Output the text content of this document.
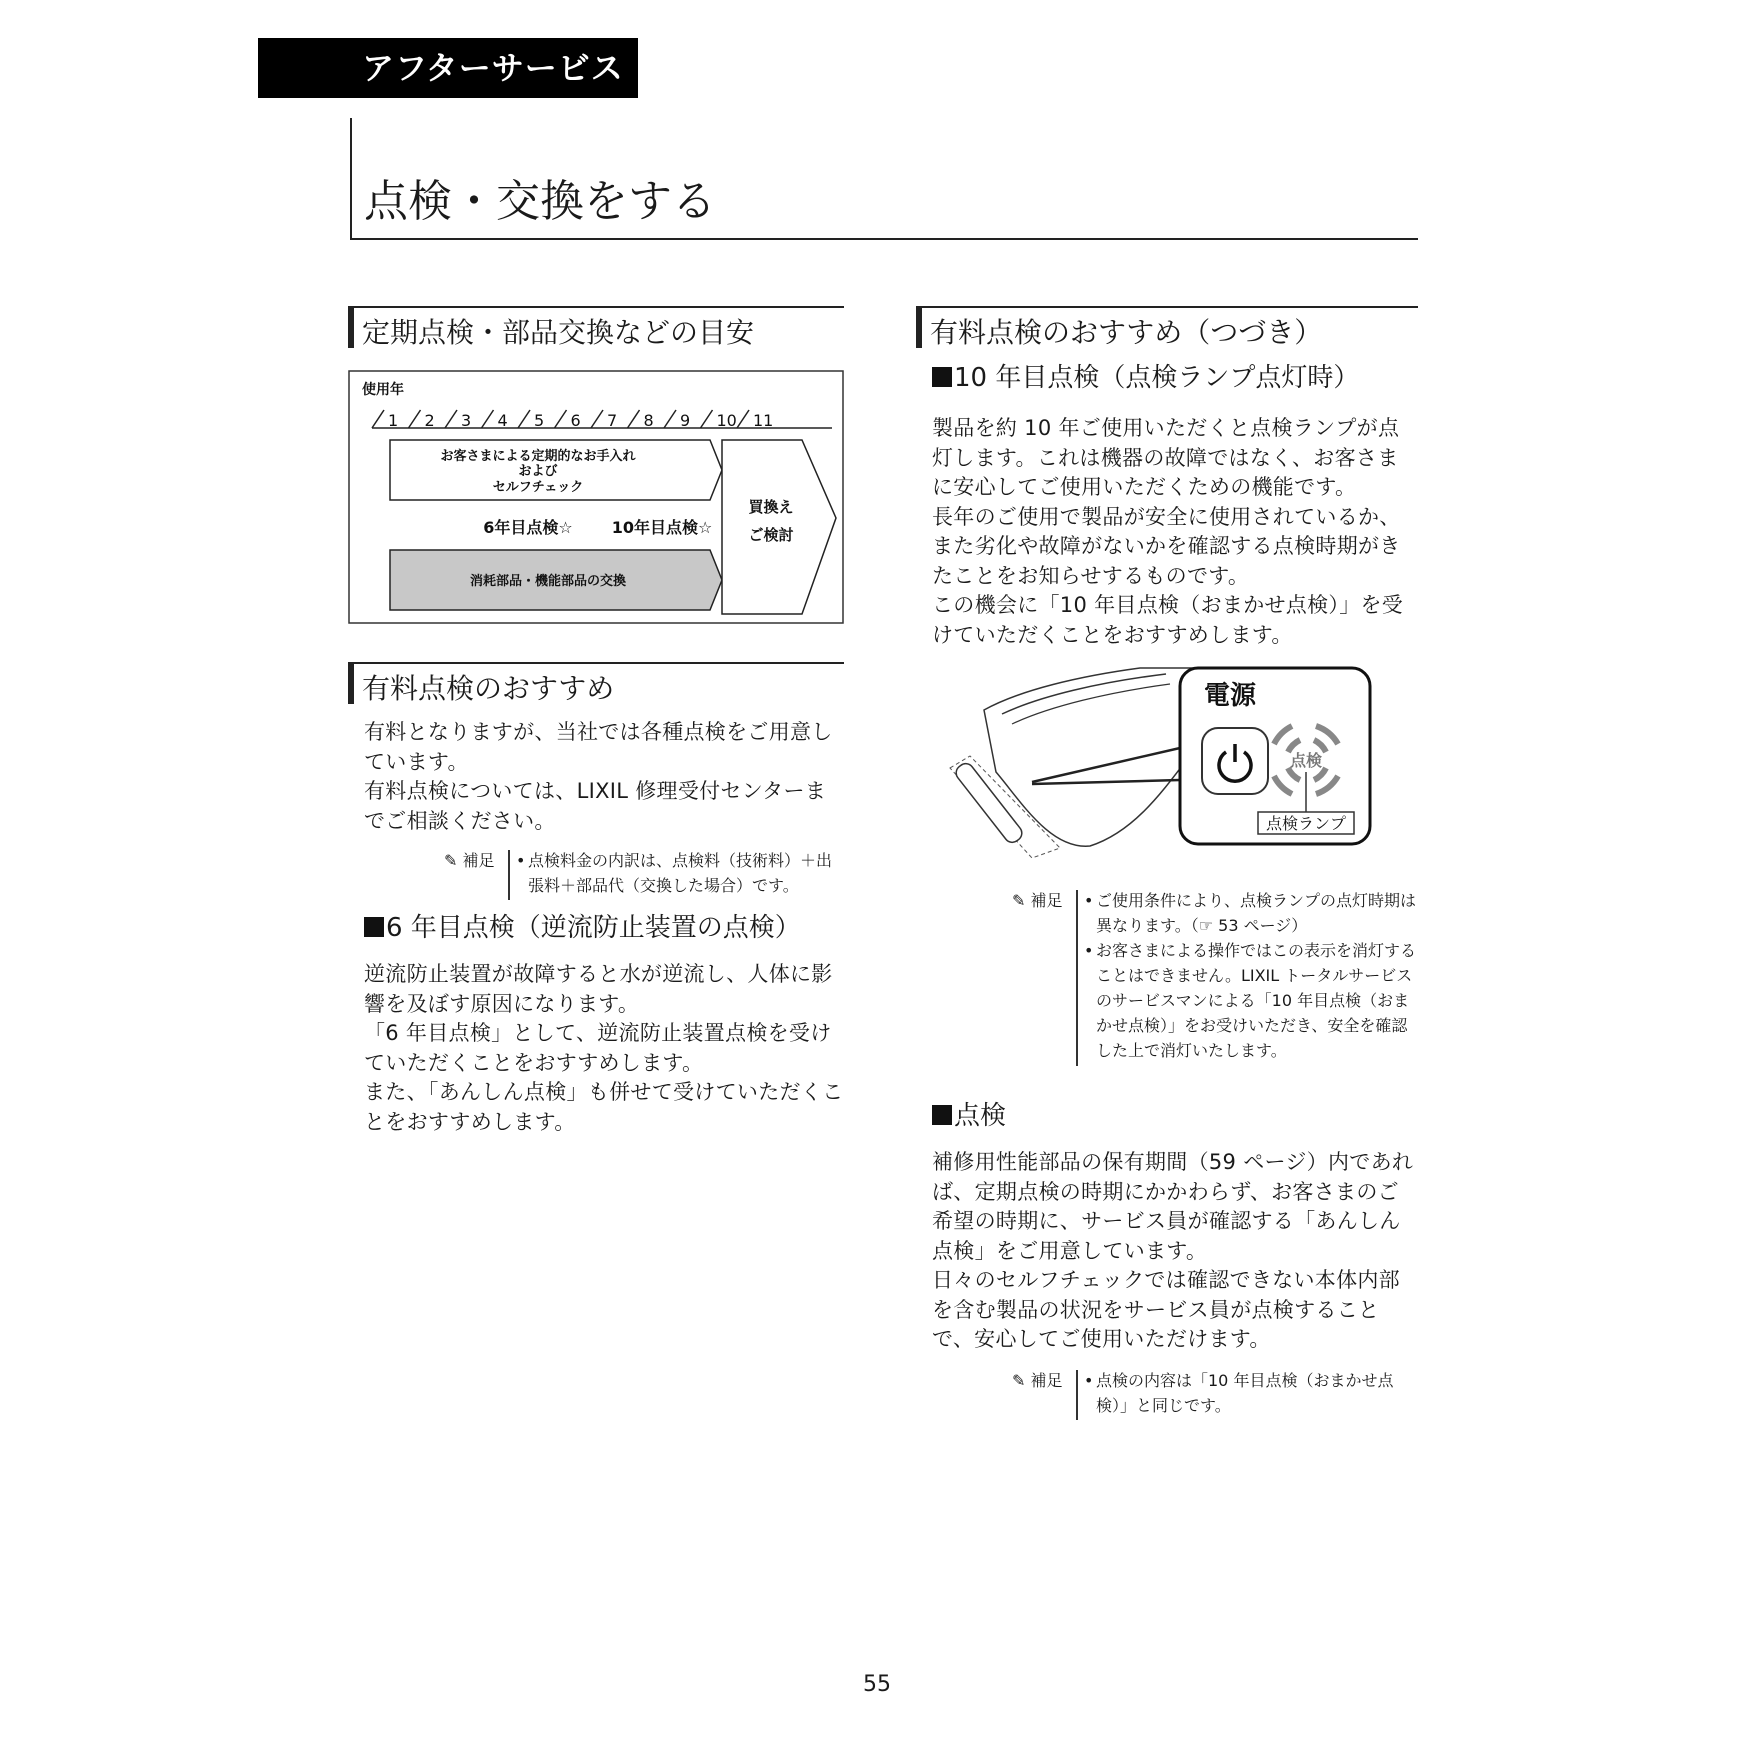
アフターサービス
点検・交換をする
定期点検・部品交換などの目安
使用年
1 2 3 4 5 6 7 8 9 10 11
お客さまによる定期的なお手入れ
および
セルフチェック
6年目点検☆ 10年目点検☆
消耗部品・機能部品の交換
買換え
ご検討
有料点検のおすすめ

有料となりますが、当社では各種点検をご用意しています。

有料点検については、LIXIL 修理受付センターまでご相談ください。

✎ 補足	• 点検料金の内訳は、点検料（技術料）＋出張料＋部品代（交換した場合）です。

6 年目点検（逆流防止装置の点検）

逆流防止装置が故障すると水が逆流し、人体に影響を及ぼす原因になります。

「6 年目点検」として、逆流防止装置点検を受けていただくことをおすすめします。

また、「あんしん点検」も併せて受けていただくことをおすすめします。

有料点検のおすすめ（つづき）
10 年目点検（点検ランプ点灯時）

製品を約 10 年ご使用いただくと点検ランプが点灯します。これは機器の故障ではなく、お客さまに安心してご使用いただくための機能です。

長年のご使用で製品が安全に使用されているか、また劣化や故障がないかを確認する点検時期がきたことをお知らせするものです。

この機会に「10 年目点検（おまかせ点検）」を受けていただくことをおすすめします。

電源
点検
点検ランプ
✎ 補足	• ご使用条件により、点検ランプの点灯時期は異なります。（☞ 53 ページ）

• お客さまによる操作ではこの表示を消灯することはできません。LIXIL トータルサービスのサービスマンによる「10 年目点検（おまかせ点検）」をお受けいただき、安全を確認した上で消灯いたします。

点検

補修用性能部品の保有期間（59 ページ）内であれば、定期点検の時期にかかわらず、お客さまのご希望の時期に、サービス員が確認する「あんしん点検」をご用意しています。

日々のセルフチェックでは確認できない本体内部を含む製品の状況をサービス員が点検することで、安心してご使用いただけます。

✎ 補足	• 点検の内容は「10 年目点検（おまかせ点検）」と同じです。

55
